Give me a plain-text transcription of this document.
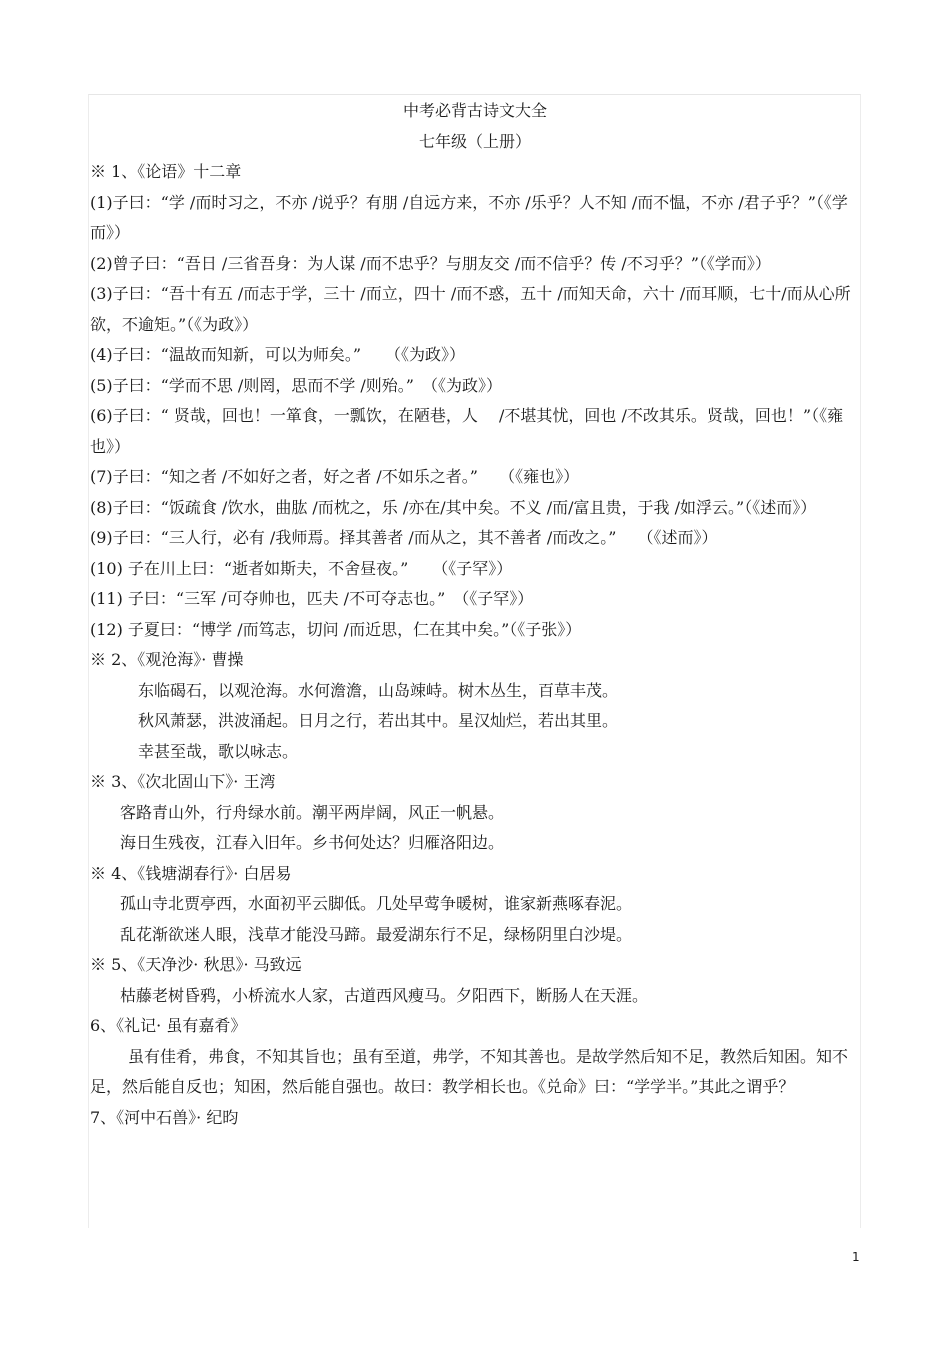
中考必背古诗文大全

七年级（上册）

※ 1、《论语》十二章

(1)子曰：“学 /而时习之，不亦 /说乎？有朋 /自远方来，不亦 /乐乎？人不知 /而不愠，不亦 /君子乎？”（《学而》）

(2)曾子曰：“吾日 /三省吾身：为人谋 /而不忠乎？与朋友交 /而不信乎？传 /不习乎？”（《学而》）

(3)子曰：“吾十有五 /而志于学，三十 /而立，四十 /而不惑，五十 /而知天命，六十 /而耳顺，七十/而从心所欲，不逾矩。”（《为政》）

(4)子曰：“温故而知新，可以为师矣。”　　（《为政》）

(5)子曰：“学而不思 /则罔，思而不学 /则殆。”　（《为政》）

(6)子曰：“ 贤哉，回也！一箪食，一瓢饮，在陋巷，人　 /不堪其忧，回也 /不改其乐。贤哉，回也！”（《雍也》）

(7)子曰：“知之者 /不如好之者，好之者 /不如乐之者。”　 （《雍也》）

(8)子曰：“饭疏食 /饮水，曲肱 /而枕之，乐 /亦在/其中矣。不义 /而/富且贵，于我 /如浮云。”（《述而》）

(9)子曰：“三人行，必有 /我师焉。择其善者 /而从之，其不善者 /而改之。”　 （《述而》）

(10) 子在川上曰：“逝者如斯夫，不舍昼夜。”　　（《子罕》）

(11) 子曰：“三军 /可夺帅也，匹夫 /不可夺志也。”　（《子罕》）

(12) 子夏曰：“博学 /而笃志，切问 /而近思，仁在其中矣。”（《子张》）

※ 2、《观沧海》· 曹操

东临碣石，以观沧海。水何澹澹，山岛竦峙。树木丛生，百草丰茂。

秋风萧瑟，洪波涌起。日月之行，若出其中。星汉灿烂，若出其里。

幸甚至哉，歌以咏志。

※ 3、《次北固山下》· 王湾

客路青山外，行舟绿水前。潮平两岸阔，风正一帆悬。

海日生残夜，江春入旧年。乡书何处达？归雁洛阳边。

※ 4、《钱塘湖春行》· 白居易

孤山寺北贾亭西，水面初平云脚低。几处早莺争暖树，谁家新燕啄春泥。

乱花渐欲迷人眼，浅草才能没马蹄。最爱湖东行不足，绿杨阴里白沙堤。

※ 5、《天净沙· 秋思》· 马致远

枯藤老树昏鸦，小桥流水人家，古道西风瘦马。夕阳西下，断肠人在天涯。

6、《礼记· 虽有嘉肴》

虽有佳肴，弗食，不知其旨也；虽有至道，弗学，不知其善也。是故学然后知不足，教然后知困。知不足，然后能自反也；知困，然后能自强也。故曰：教学相长也。《兑命》曰：“学学半。”其此之谓乎？

7、《河中石兽》· 纪昀

1
